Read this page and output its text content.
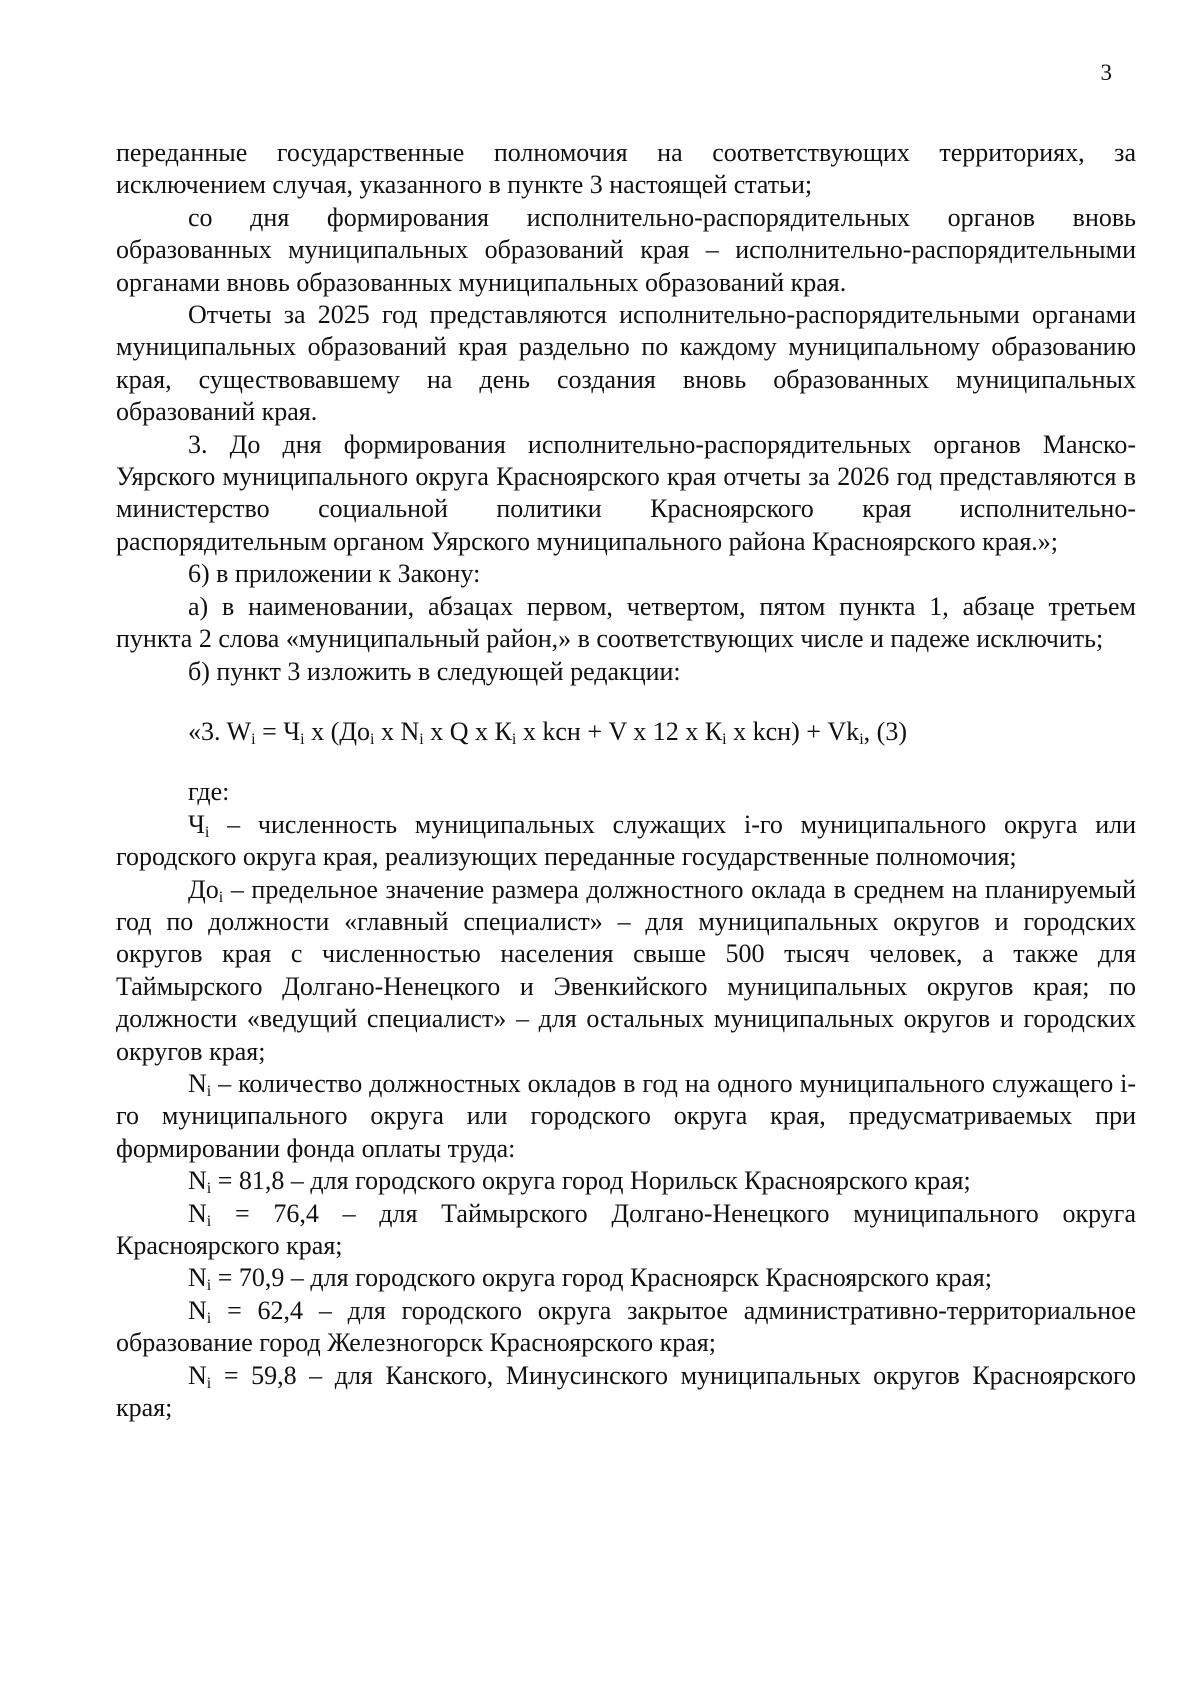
3

переданные государственные полномочия на соответствующих территориях, за исключением случая, указанного в пункте 3 настоящей статьи;

со дня формирования исполнительно-распорядительных органов вновь образованных муниципальных образований края – исполнительно-распорядительными органами вновь образованных муниципальных образований края.

Отчеты за 2025 год представляются исполнительно-распорядительными органами муниципальных образований края раздельно по каждому муниципальному образованию края, существовавшему на день создания вновь образованных муниципальных образований края.

3. До дня формирования исполнительно-распорядительных органов Манско-Уярского муниципального округа Красноярского края отчеты за 2026 год представляются в министерство социальной политики Красноярского края исполнительно-распорядительным органом Уярского муниципального района Красноярского края.»;

6) в приложении к Закону:

а) в наименовании, абзацах первом, четвертом, пятом пункта 1, абзаце третьем пункта 2 слова «муниципальный район,» в соответствующих числе и падеже исключить;

б) пункт 3 изложить в следующей редакции:

«3. $W_i = Ч_i$ х ($До_i$ х $N_i$ х Q х $К_i$ х kсн + V х 12 х $К_i$ х $kсн) + Vk_i$, (3)

где:

$Ч_i$ – численность муниципальных служащих i-го муниципального округа или городского округа края, реализующих переданные государственные полномочия;

$До_i$ – предельное значение размера должностного оклада в среднем на планируемый год по должности «главный специалист» – для муниципальных округов и городских округов края с численностью населения свыше 500 тысяч человек, а также для Таймырского Долгано-Ненецкого и Эвенкийского муниципальных округов края; по должности «ведущий специалист» – для остальных муниципальных округов и городских округов края;

$N_i$ – количество должностных окладов в год на одного муниципального служащего i-го муниципального округа или городского округа края, предусматриваемых при формировании фонда оплаты труда:

$N_i = 81,8$ – для городского округа город Норильск Красноярского края;

$N_i = 76,4$ – для Таймырского Долгано-Ненецкого муниципального округа Красноярского края;

$N_i = 70,9$ – для городского округа город Красноярск Красноярского края;

$N_i = 62,4$ – для городского округа закрытое административно-территориальное образование город Железногорск Красноярского края;

$N_i = 59,8$ – для Канского, Минусинского муниципальных округов Красноярского края;
